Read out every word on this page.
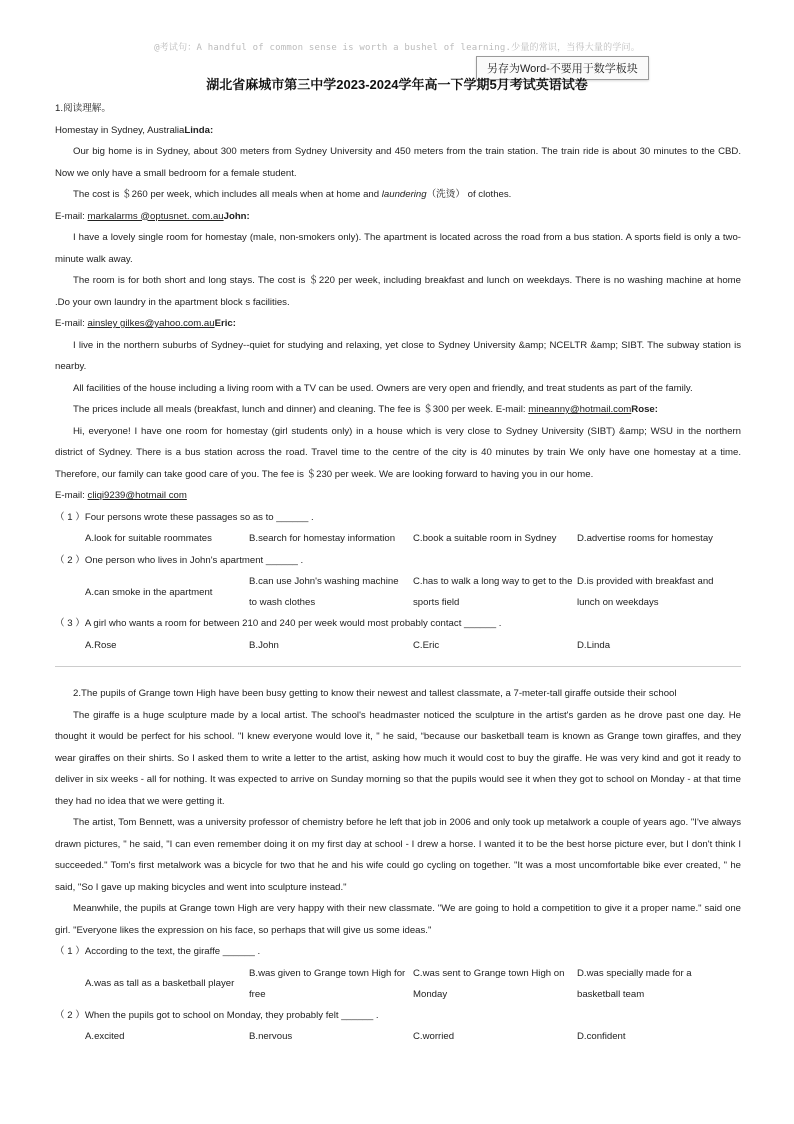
@考试句：A handful of common sense is worth a bushel of learning.少量的常识，当得大量的学问。
另存为Word-不要用于数学板块
湖北省麻城市第三中学2023-2024学年高一下学期5月考试英语试卷
1.阅读理解。
Homestay in Sydney, AustraliaLinda:
Our big home is in Sydney, about 300 meters from Sydney University and 450 meters from the train station. The train ride is about 30 minutes to the CBD. Now we only have a small bedroom for a female student.
The cost is ＄260 per week, which includes all meals when at home and laundering（洗烫） of clothes.
E-mail: markalarms @optusnet. com.auJohn:
I have a lovely single room for homestay (male, non-smokers only). The apartment is located across the road from a bus station. A sports field is only a two-minute walk away.
The room is for both short and long stays. The cost is ＄220 per week, including breakfast and lunch on weekdays. There is no washing machine at home .Do your own laundry in the apartment block s facilities.
E-mail: ainsley gilkes@yahoo.com.auEric:
I live in the northern suburbs of Sydney--quiet for studying and relaxing, yet close to Sydney University &amp; NCELTR &amp; SIBT. The subway station is nearby.
All facilities of the house including a living room with a TV can be used. Owners are very open and friendly, and treat students as part of the family.
The prices include all meals (breakfast, lunch and dinner) and cleaning. The fee is ＄300 per week. E-mail: mineanny@hotmail.comRose:
Hi, everyone! I have one room for homestay (girl students only) in a house which is very close to Sydney University (SIBT) &amp; WSU in the northern district of Sydney. There is a bus station across the road. Travel time to the centre of the city is 40 minutes by train We only have one homestay at a time. Therefore, our family can take good care of you. The fee is ＄230 per week. We are looking forward to having you in our home.
E-mail: cliqi9239@hotmail com
（ 1 ）Four persons wrote these passages so as to ______ .
A.look for suitable roommates	B.search for homestay information	C.book a suitable room in Sydney	D.advertise rooms for homestay
（ 2 ）One person who lives in John's apartment ______ .
A.can smoke in the apartment
B.can use John's washing machine to wash clothes
C.has to walk a long way to get to the sports field
D.is provided with breakfast and lunch on weekdays
（ 3 ）A girl who wants a room for between 210 and 240 per week would most probably contact ______ .
A.Rose	B.John	C.Eric	D.Linda
2.The pupils of Grange town High have been busy getting to know their newest and tallest classmate, a 7-meter-tall giraffe outside their school
The giraffe is a huge sculpture made by a local artist. The school's headmaster noticed the sculpture in the artist's garden as he drove past one day. He thought it would be perfect for his school. "I knew everyone would love it, " he said, “because our basketball team is known as Grange town giraffes, and they wear giraffes on their shirts. So I asked them to write a letter to the artist, asking how much it would cost to buy the giraffe. He was very kind and got it ready to deliver in six weeks - all for nothing. It was expected to arrive on Sunday morning so that the pupils would see it when they got to school on Monday - at that time they had no idea that we were getting it.
The artist, Tom Bennett, was a university professor of chemistry before he left that job in 2006 and only took up metalwork a couple of years ago. "I've always drawn pictures, " he said, "I can even remember doing it on my first day at school - I drew a horse. I wanted it to be the best horse picture ever, but I don't think I succeeded." Tom's first metalwork was a bicycle for two that he and his wife could go cycling on together. "It was a most uncomfortable bike ever created, " he said, "So I gave up making bicycles and went into sculpture instead."
Meanwhile, the pupils at Grange town High are very happy with their new classmate. "We are going to hold a competition to give it a proper name." said one girl. "Everyone likes the expression on his face, so perhaps that will give us some ideas."
（ 1 ）According to the text, the giraffe ______ .
A.was as tall as a basketball player
B.was given to Grange town High for free
C.was sent to Grange town High on Monday
D.was specially made for a basketball team
（ 2 ）When the pupils got to school on Monday, they probably felt ______ .
A.excited	B.nervous	C.worried	D.confident
